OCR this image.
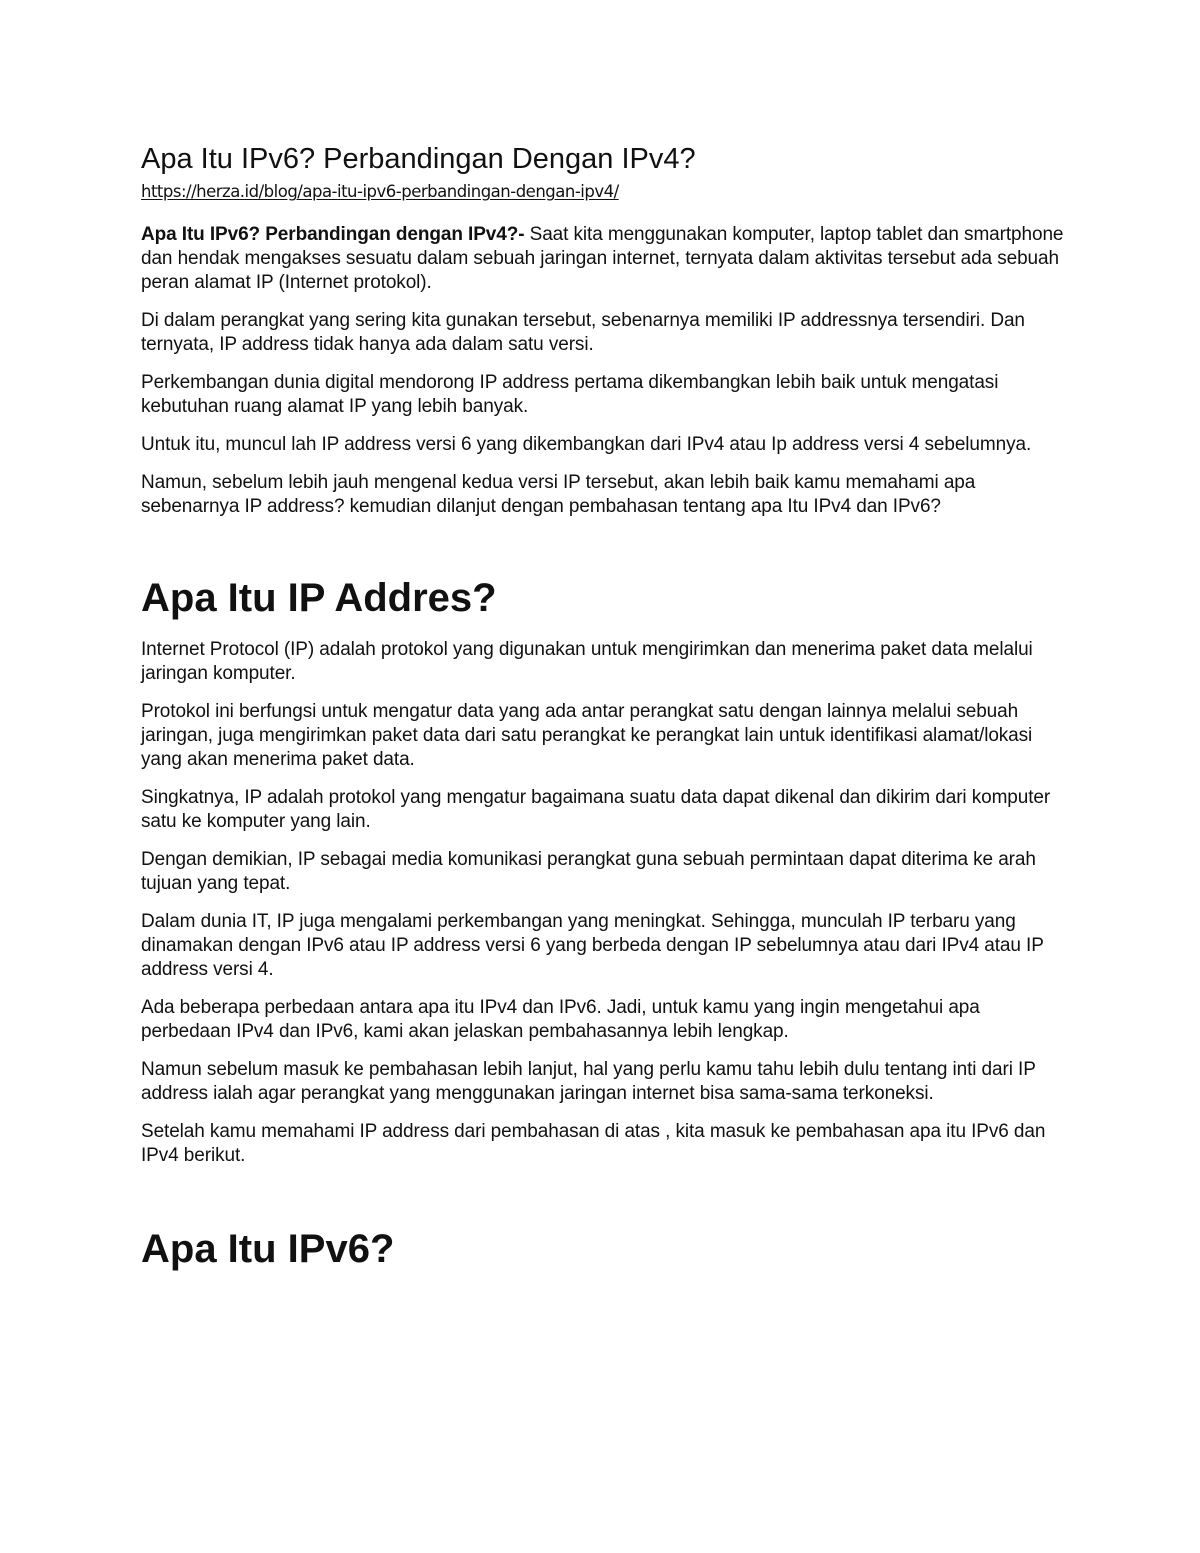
Apa Itu IPv6? Perbandingan Dengan IPv4?
https://herza.id/blog/apa-itu-ipv6-perbandingan-dengan-ipv4/

Apa Itu IPv6? Perbandingan dengan IPv4?- Saat kita menggunakan komputer, laptop tablet dan smartphone dan hendak mengakses sesuatu dalam sebuah jaringan internet, ternyata dalam aktivitas tersebut ada sebuah peran alamat IP (Internet protokol).

Di dalam perangkat yang sering kita gunakan tersebut, sebenarnya memiliki IP addressnya tersendiri. Dan ternyata, IP address tidak hanya ada dalam satu versi.

Perkembangan dunia digital mendorong IP address pertama dikembangkan lebih baik untuk mengatasi kebutuhan ruang alamat IP yang lebih banyak.

Untuk itu, muncul lah IP address versi 6 yang dikembangkan dari IPv4 atau Ip address versi 4 sebelumnya.

Namun, sebelum lebih jauh mengenal kedua versi IP tersebut, akan lebih baik kamu memahami apa sebenarnya IP address? kemudian dilanjut dengan pembahasan tentang apa Itu IPv4 dan IPv6?

Apa Itu IP Addres?

Internet Protocol (IP) adalah protokol yang digunakan untuk mengirimkan dan menerima paket data melalui jaringan komputer.

Protokol ini berfungsi untuk mengatur data yang ada antar perangkat satu dengan lainnya melalui sebuah jaringan, juga mengirimkan paket data dari satu perangkat ke perangkat lain untuk identifikasi alamat/lokasi yang akan menerima paket data.

Singkatnya, IP adalah protokol yang mengatur bagaimana suatu data dapat dikenal dan dikirim dari komputer satu ke komputer yang lain.

Dengan demikian, IP sebagai media komunikasi perangkat guna sebuah permintaan dapat diterima ke arah tujuan yang tepat.

Dalam dunia IT, IP juga mengalami perkembangan yang meningkat. Sehingga, munculah IP terbaru yang dinamakan dengan IPv6 atau IP address versi 6 yang berbeda dengan IP sebelumnya atau dari IPv4 atau IP address versi 4.

Ada beberapa perbedaan antara apa itu IPv4 dan IPv6. Jadi, untuk kamu yang ingin mengetahui apa perbedaan IPv4 dan IPv6, kami akan jelaskan pembahasannya lebih lengkap.

Namun sebelum masuk ke pembahasan lebih lanjut, hal yang perlu kamu tahu lebih dulu tentang inti dari IP address ialah agar perangkat yang menggunakan jaringan internet bisa sama-sama terkoneksi.

Setelah kamu memahami IP address dari pembahasan di atas , kita masuk ke pembahasan apa itu IPv6 dan IPv4 berikut.

Apa Itu IPv6?
